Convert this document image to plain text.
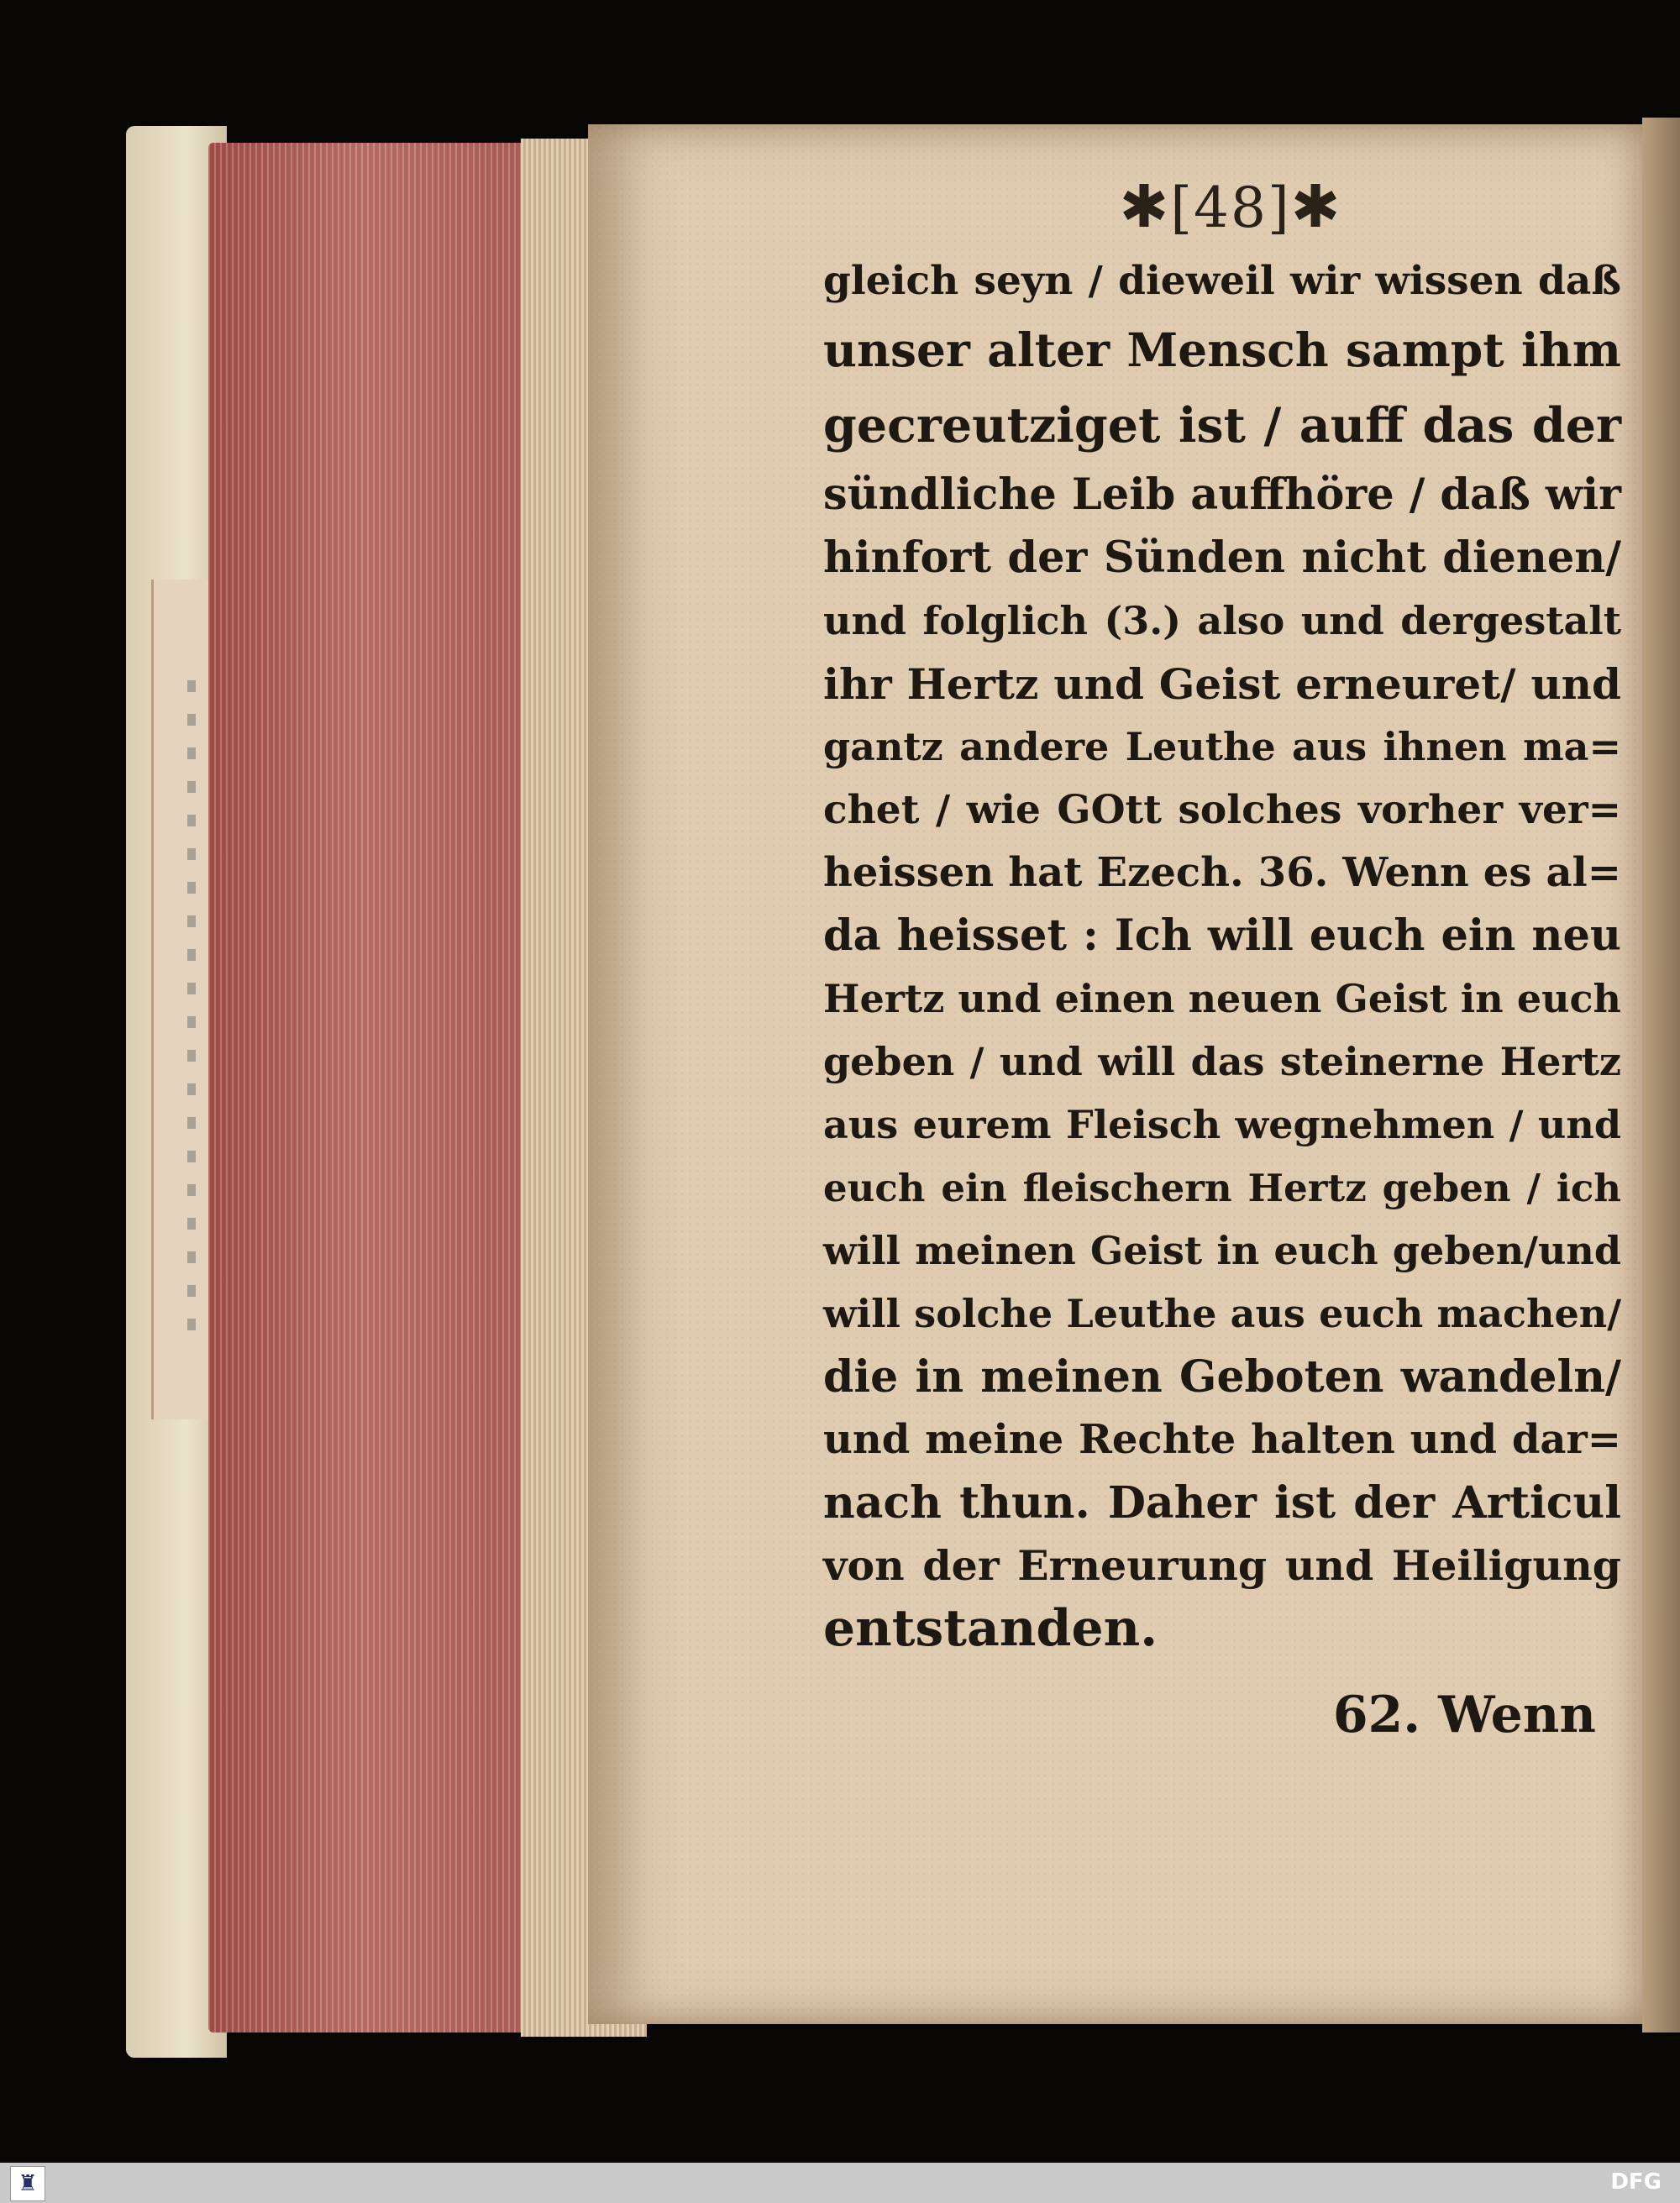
✱[48]✱
gleich seyn / dieweil wir wissen daß
unser alter Mensch sampt ihm
gecreutziget ist / auff das der
sündliche Leib auffhöre / daß wir
hinfort der Sünden nicht dienen/
und folglich (3.) also und dergestalt
ihr Hertz und Geist erneuret/ und
gantz andere Leuthe aus ihnen ma=
chet / wie GOtt solches vorher ver=
heissen hat Ezech. 36. Wenn es al=
da heisset : Ich will euch ein neu
Hertz und einen neuen Geist in euch
geben / und will das steinerne Hertz
aus eurem Fleisch wegnehmen / und
euch ein fleischern Hertz geben / ich
will meinen Geist in euch geben/und
will solche Leuthe aus euch machen/
die in meinen Geboten wandeln/
und meine Rechte halten und dar=
nach thun. Daher ist der Articul
von der Erneurung und Heiligung
entstanden.
62. Wenn
♜	DFG
